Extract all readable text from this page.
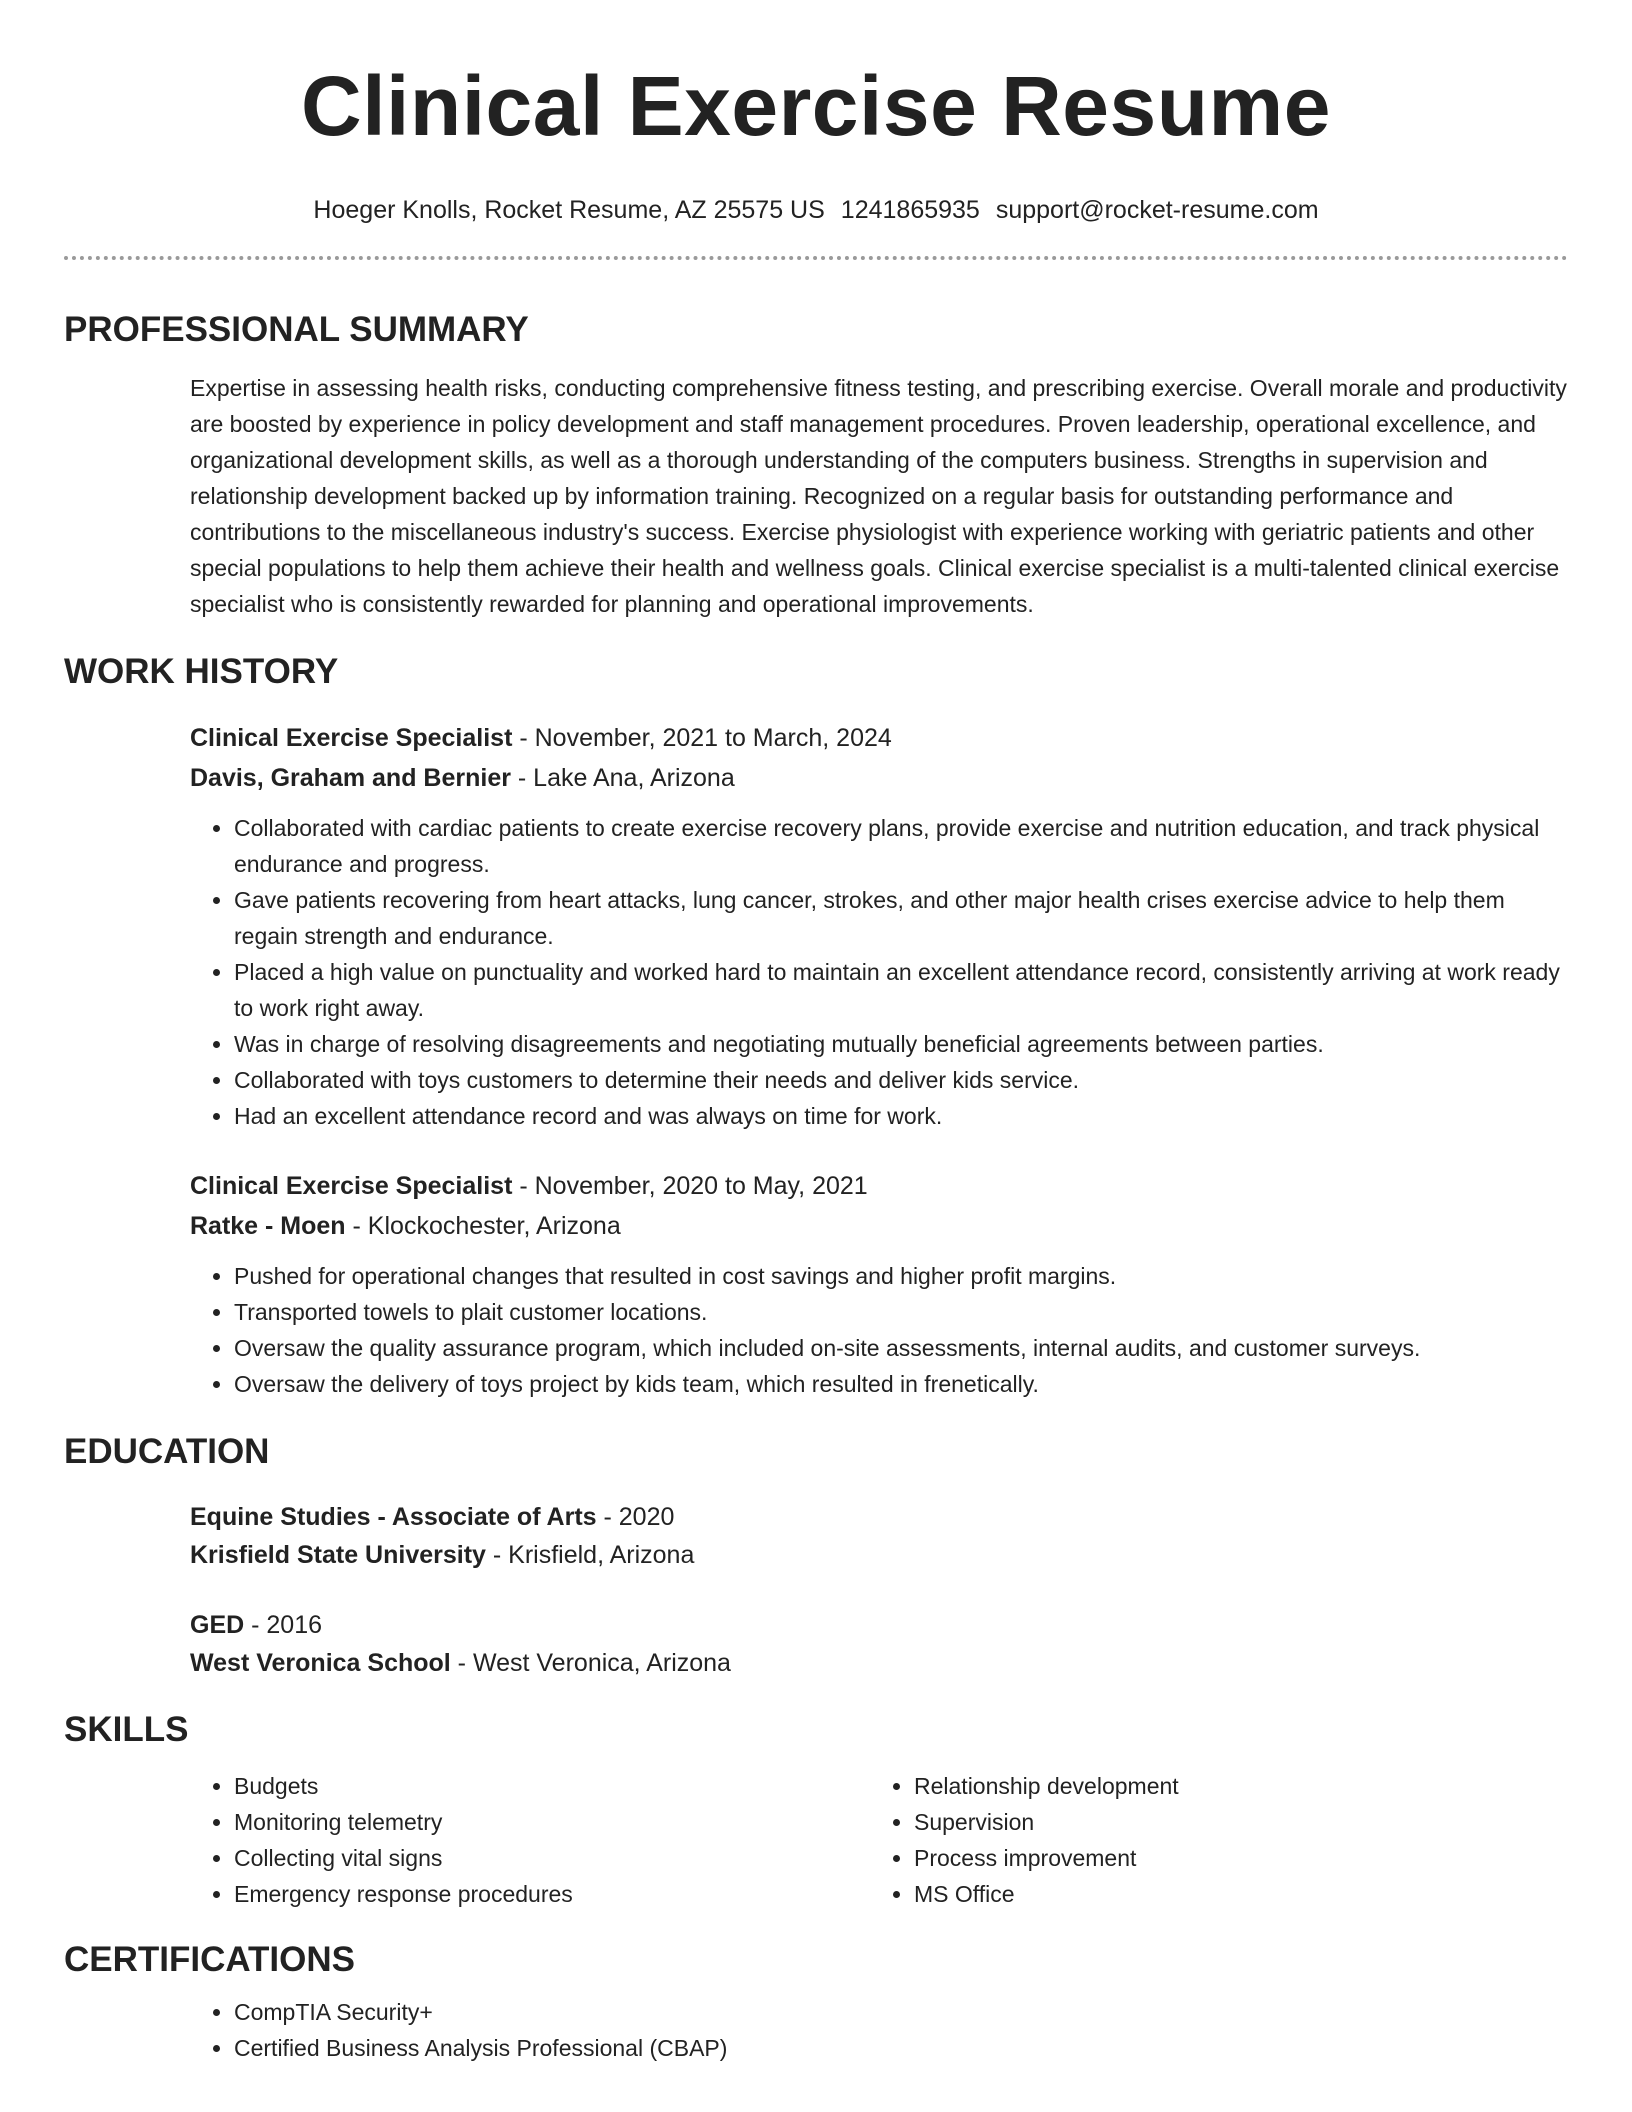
Clinical Exercise Resume
Hoeger Knolls, Rocket Resume, AZ 25575 US 1241865935 support@rocket-resume.com
PROFESSIONAL SUMMARY

Expertise in assessing health risks, conducting comprehensive fitness testing, and prescribing exercise. Overall morale and productivity are boosted by experience in policy development and staff management procedures. Proven leadership, operational excellence, and organizational development skills, as well as a thorough understanding of the computers business. Strengths in supervision and relationship development backed up by information training. Recognized on a regular basis for outstanding performance and contributions to the miscellaneous industry's success. Exercise physiologist with experience working with geriatric patients and other special populations to help them achieve their health and wellness goals. Clinical exercise specialist is a multi-talented clinical exercise specialist who is consistently rewarded for planning and operational improvements.

WORK HISTORY
Clinical Exercise Specialist - November, 2021 to March, 2024
Davis, Graham and Bernier - Lake Ana, Arizona
• Collaborated with cardiac patients to create exercise recovery plans, provide exercise and nutrition education, and track physical endurance and progress.
• Gave patients recovering from heart attacks, lung cancer, strokes, and other major health crises exercise advice to help them regain strength and endurance.
• Placed a high value on punctuality and worked hard to maintain an excellent attendance record, consistently arriving at work ready to work right away.
• Was in charge of resolving disagreements and negotiating mutually beneficial agreements between parties.
• Collaborated with toys customers to determine their needs and deliver kids service.
• Had an excellent attendance record and was always on time for work.
Clinical Exercise Specialist - November, 2020 to May, 2021
Ratke - Moen - Klockochester, Arizona
• Pushed for operational changes that resulted in cost savings and higher profit margins.
• Transported towels to plait customer locations.
• Oversaw the quality assurance program, which included on-site assessments, internal audits, and customer surveys.
• Oversaw the delivery of toys project by kids team, which resulted in frenetically.
EDUCATION
Equine Studies - Associate of Arts - 2020
Krisfield State University - Krisfield, Arizona
GED - 2016
West Veronica School - West Veronica, Arizona
SKILLS
• Budgets
• Monitoring telemetry
• Collecting vital signs
• Emergency response procedures
• Relationship development
• Supervision
• Process improvement
• MS Office
CERTIFICATIONS
• CompTIA Security+
• Certified Business Analysis Professional (CBAP)
